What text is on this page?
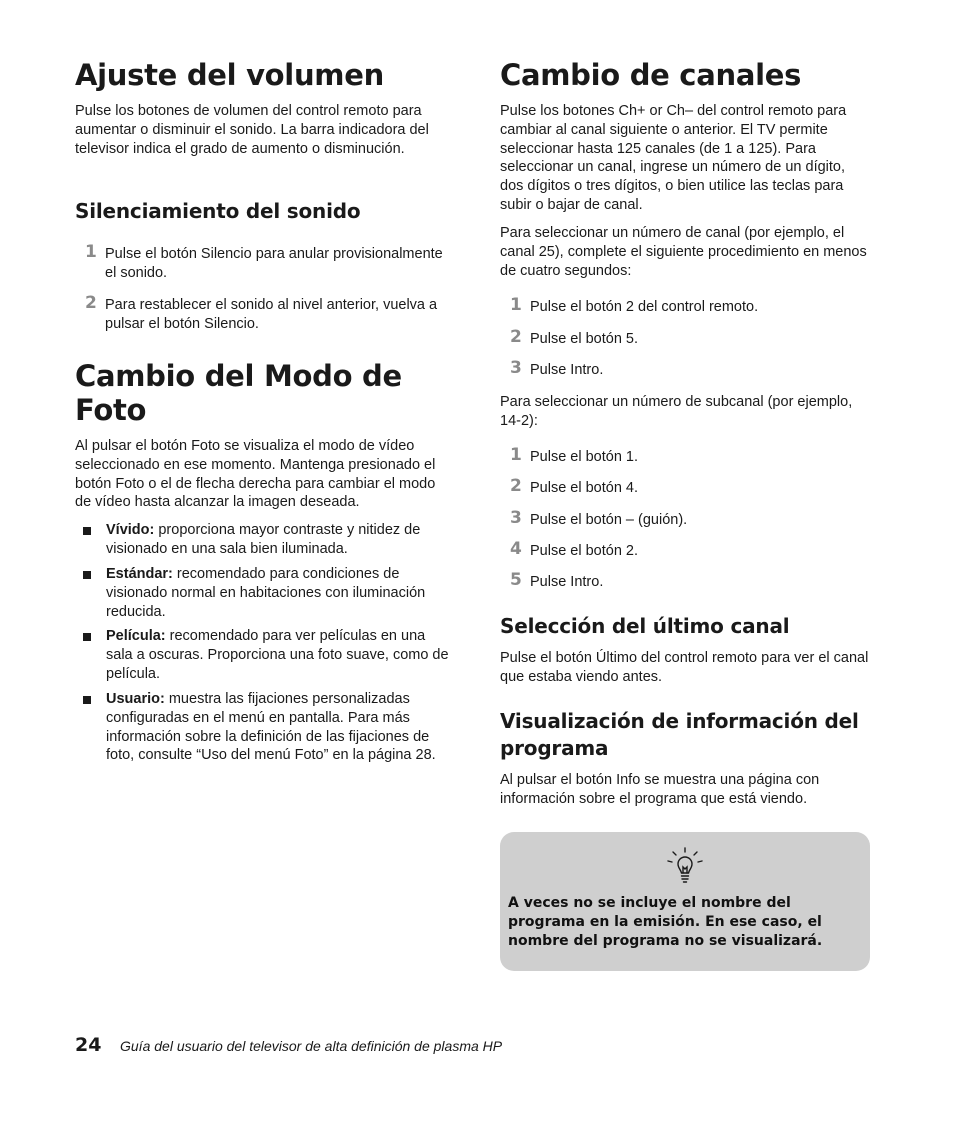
Ajuste del volumen

Pulse los botones de volumen del control remoto para aumentar o disminuir el sonido. La barra indicadora del televisor indica el grado de aumento o disminución.

Silenciamiento del sonido
1 Pulse el botón Silencio para anular provisionalmente el sonido.
2 Para restablecer el sonido al nivel anterior, vuelva a pulsar el botón Silencio.
Cambio del Modo de Foto

Al pulsar el botón Foto se visualiza el modo de vídeo seleccionado en ese momento. Mantenga presionado el botón Foto o el de flecha derecha para cambiar el modo de vídeo hasta alcanzar la imagen deseada.

Vívido: proporciona mayor contraste y nitidez de visionado en una sala bien iluminada.
Estándar: recomendado para condiciones de visionado normal en habitaciones con iluminación reducida.
Película: recomendado para ver películas en una sala a oscuras. Proporciona una foto suave, como de película.
Usuario: muestra las fijaciones personalizadas configuradas en el menú en pantalla. Para más información sobre la definición de las fijaciones de foto, consulte “Uso del menú Foto” en la página 28.
Cambio de canales

Pulse los botones Ch+ or Ch– del control remoto para cambiar al canal siguiente o anterior. El TV permite seleccionar hasta 125 canales (de 1 a 125). Para seleccionar un canal, ingrese un número de un dígito, dos dígitos o tres dígitos, o bien utilice las teclas para subir o bajar de canal.

Para seleccionar un número de canal (por ejemplo, el canal 25), complete el siguiente procedimiento en menos de cuatro segundos:

1 Pulse el botón 2 del control remoto.
2 Pulse el botón 5.
3 Pulse Intro.

Para seleccionar un número de subcanal (por ejemplo, 14-2):

1 Pulse el botón 1.
2 Pulse el botón 4.
3 Pulse el botón – (guión).
4 Pulse el botón 2.
5 Pulse Intro.
Selección del último canal

Pulse el botón Último del control remoto para ver el canal que estaba viendo antes.

Visualización de información del programa

Al pulsar el botón Info se muestra una página con información sobre el programa que está viendo.

A veces no se incluye el nombre del programa en la emisión. En ese caso, el nombre del programa no se visualizará.
24 Guía del usuario del televisor de alta definición de plasma HP
